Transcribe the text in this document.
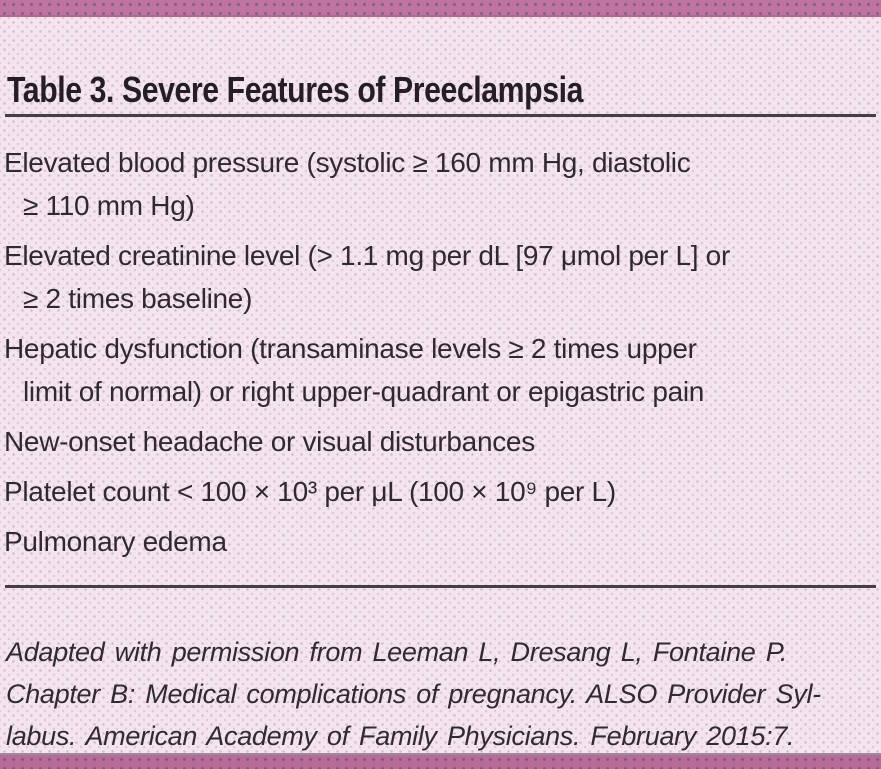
Table 3. Severe Features of Preeclampsia
Elevated blood pressure (systolic ≥ 160 mm Hg, diastolic
≥ 110 mm Hg)
Elevated creatinine level (> 1.1 mg per dL [97 μmol per L] or
≥ 2 times baseline)
Hepatic dysfunction (transaminase levels ≥ 2 times upper
limit of normal) or right upper-quadrant or epigastric pain
New-onset headache or visual disturbances
Platelet count < 100 × 10³ per μL (100 × 10⁹ per L)
Pulmonary edema

Adapted with permission from Leeman L, Dresang L, Fontaine P.
Chapter B: Medical complications of pregnancy. ALSO Provider Syl-
labus. American Academy of Family Physicians. February 2015:7.
